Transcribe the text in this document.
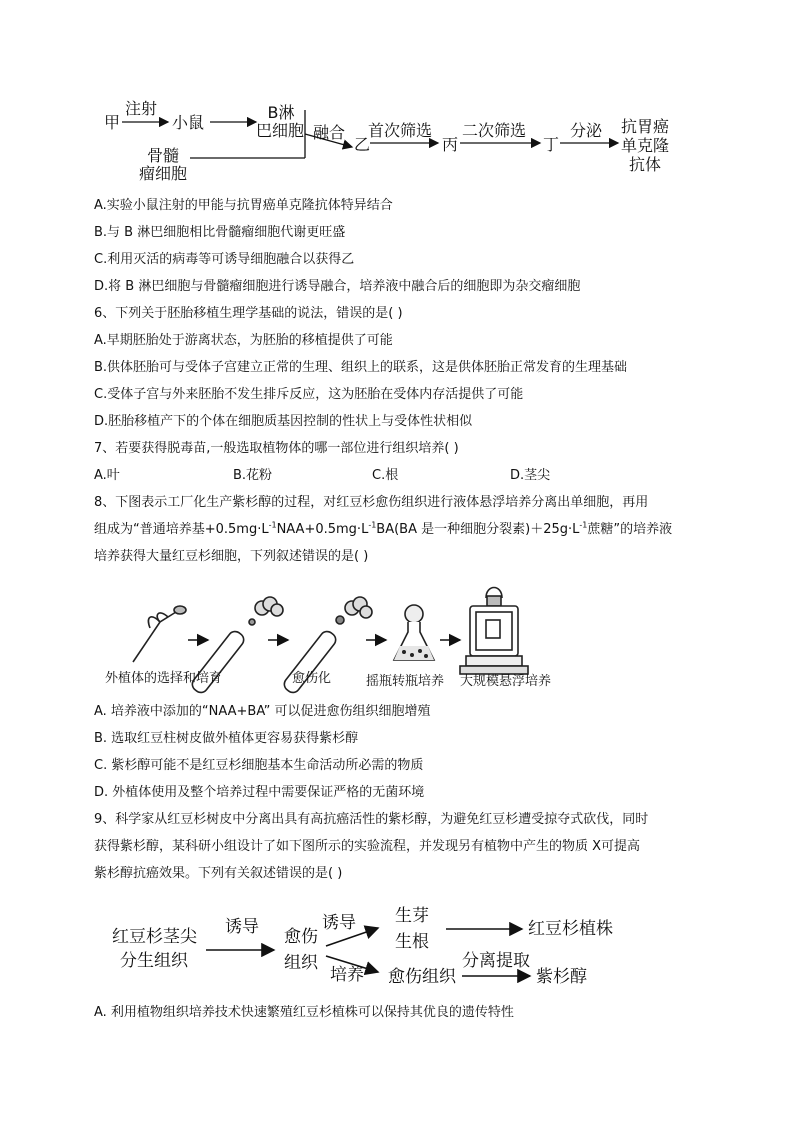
甲
注射
小鼠
B淋
巴细胞
骨髓
瘤细胞
融合
乙
首次筛选
丙
二次筛选
丁
分泌 抗胃癌
单克隆
抗体
A.实验小鼠注射的甲能与抗胃癌单克隆抗体特异结合
B.与 B 淋巴细胞相比骨髓瘤细胞代谢更旺盛
C.利用灭活的病毒等可诱导细胞融合以获得乙
D.将 B 淋巴细胞与骨髓瘤细胞进行诱导融合，培养液中融合后的细胞即为杂交瘤细胞
6、下列关于胚胎移植生理学基础的说法，错误的是( )
A.早期胚胎处于游离状态，为胚胎的移植提供了可能
B.供体胚胎可与受体子宫建立正常的生理、组织上的联系，这是供体胚胎正常发育的生理基础
C.受体子宫与外来胚胎不发生排斥反应，这为胚胎在受体内存活提供了可能
D.胚胎移植产下的个体在细胞质基因控制的性状上与受体性状相似
7、若要获得脱毒苗,一般选取植物体的哪一部位进行组织培养( )
A.叶	B.花粉	C.根	D.茎尖
8、下图表示工厂化生产紫杉醇的过程，对红豆杉愈伤组织进行液体悬浮培养分离出单细胞，再用
组成为“普通培养基$+0.5mg\cdot L^{-1}NAA+0.5mg\cdot L^{-1}BA(BA$ 是一种细胞分裂素)$+25g\cdot L^{-1}$蔗糖”的培养液
培养获得大量红豆杉细胞，下列叙述错误的是( )
外植体的选择和培育	愈伤化	摇瓶转瓶培养 大规模悬浮培养
A. 培养液中添加的“NAA+BA” 可以促进愈伤组织细胞增殖
B. 选取红豆柱树皮做外植体更容易获得紫杉醇
C. 紫杉醇可能不是红豆杉细胞基本生命活动所必需的物质
D. 外植体使用及整个培养过程中需要保证严格的无菌环境
9、科学家从红豆杉树皮中分离出具有高抗癌活性的紫杉醇，为避免红豆杉遭受掠夺式砍伐，同时
获得紫杉醇，某科研小组设计了如下图所示的实验流程，并发现另有植物中产生的物质 X可提高
紫杉醇抗癌效果。下列有关叙述错误的是( )
红豆杉茎尖
分生组织
诱导 愈伤
组织
诱导
培养
生芽
生根
红豆杉植株
愈伤组织
分离提取
紫杉醇
A. 利用植物组织培养技术快速繁殖红豆杉植株可以保持其优良的遗传特性
